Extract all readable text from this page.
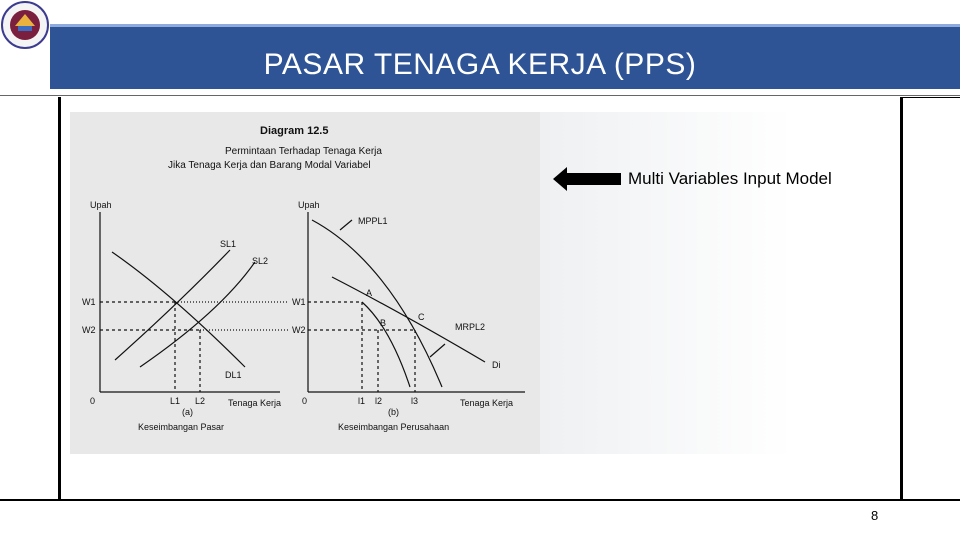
PASAR TENAGA KERJA (PPS)
Diagram 12.5
Permintaan Terhadap Tenaga Kerja
Jika Tenaga Kerja dan Barang Modal Variabel
Upah
W1
W2
0	L1 L2	Tenaga Kerja
(a)
Keseimbangan Pasar
SL1
SL2
DL1
Upah
W1
W2
0	l1 l2	l3	Tenaga Kerja
(b)
Keseimbangan Perusahaan
A
B
C
MPPL1
MRPL2
Di
Multi Variables Input Model
8
